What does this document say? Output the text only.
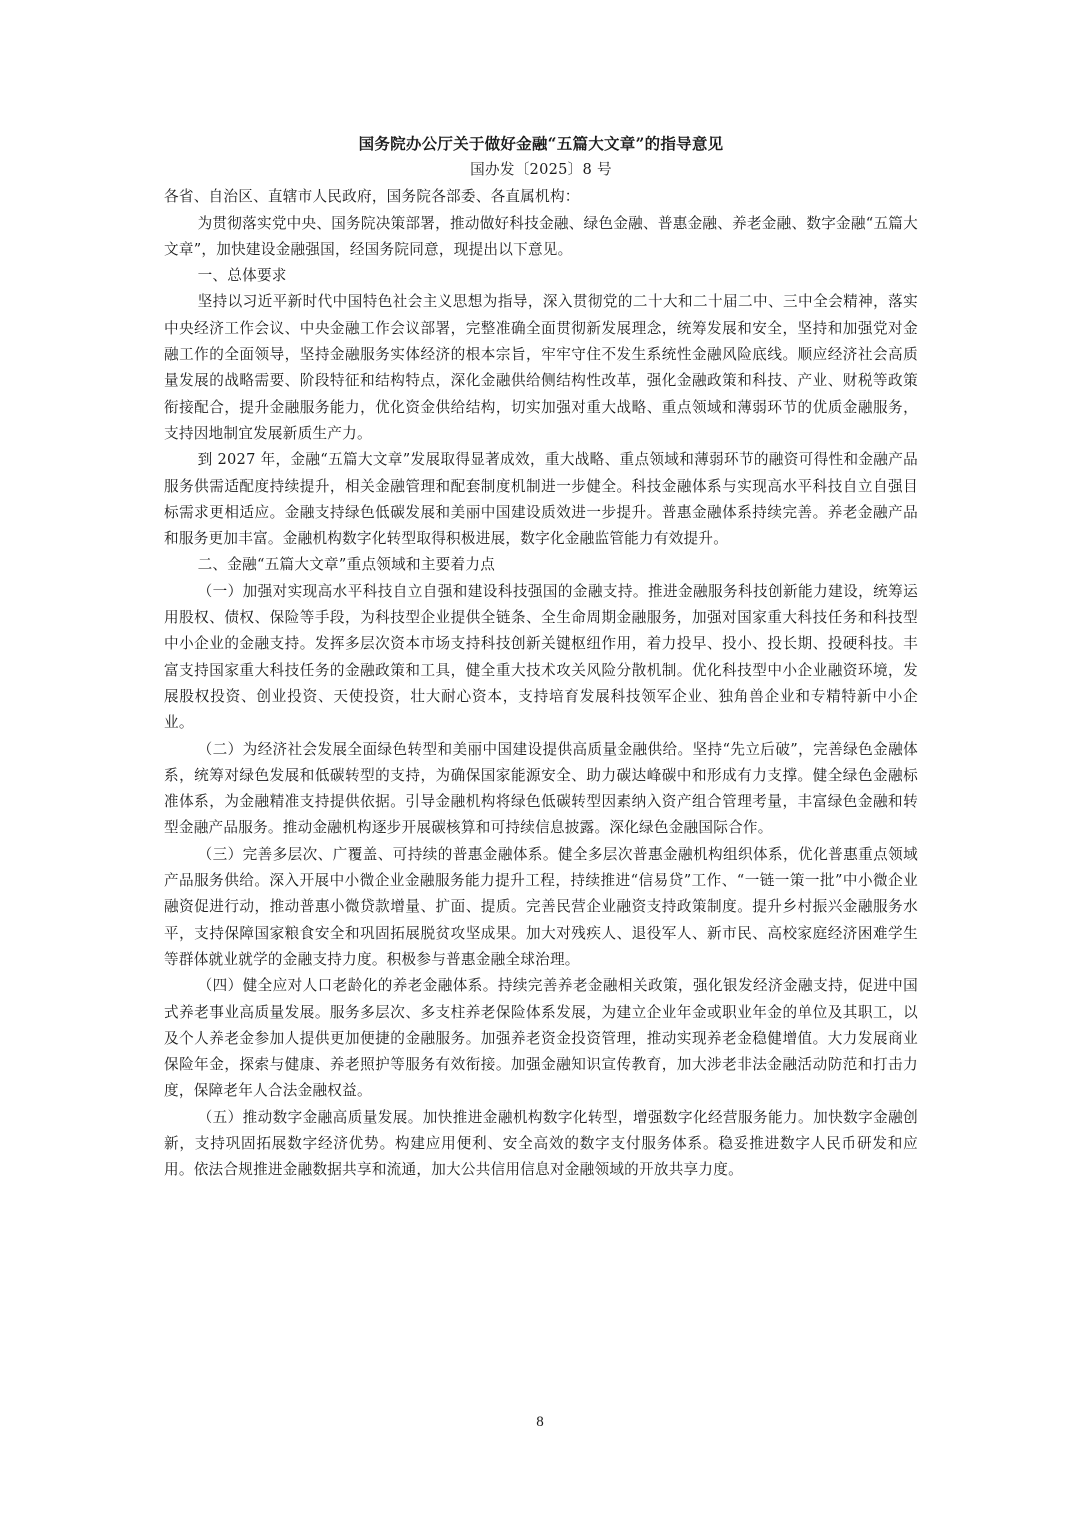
国务院办公厅关于做好金融“五篇大文章”的指导意见

国办发〔2025〕8 号

各省、自治区、直辖市人民政府，国务院各部委、各直属机构：

为贯彻落实党中央、国务院决策部署，推动做好科技金融、绿色金融、普惠金融、养老金融、数字金融“五篇大文章”，加快建设金融强国，经国务院同意，现提出以下意见。

一、总体要求

坚持以习近平新时代中国特色社会主义思想为指导，深入贯彻党的二十大和二十届二中、三中全会精神，落实中央经济工作会议、中央金融工作会议部署，完整准确全面贯彻新发展理念，统筹发展和安全，坚持和加强党对金融工作的全面领导，坚持金融服务实体经济的根本宗旨，牢牢守住不发生系统性金融风险底线。顺应经济社会高质量发展的战略需要、阶段特征和结构特点，深化金融供给侧结构性改革，强化金融政策和科技、产业、财税等政策衔接配合，提升金融服务能力，优化资金供给结构，切实加强对重大战略、重点领域和薄弱环节的优质金融服务，支持因地制宜发展新质生产力。

到 2027 年，金融“五篇大文章”发展取得显著成效，重大战略、重点领域和薄弱环节的融资可得性和金融产品服务供需适配度持续提升，相关金融管理和配套制度机制进一步健全。科技金融体系与实现高水平科技自立自强目标需求更相适应。金融支持绿色低碳发展和美丽中国建设质效进一步提升。普惠金融体系持续完善。养老金融产品和服务更加丰富。金融机构数字化转型取得积极进展，数字化金融监管能力有效提升。

二、金融“五篇大文章”重点领域和主要着力点

（一）加强对实现高水平科技自立自强和建设科技强国的金融支持。推进金融服务科技创新能力建设，统筹运用股权、债权、保险等手段，为科技型企业提供全链条、全生命周期金融服务，加强对国家重大科技任务和科技型中小企业的金融支持。发挥多层次资本市场支持科技创新关键枢纽作用，着力投早、投小、投长期、投硬科技。丰富支持国家重大科技任务的金融政策和工具，健全重大技术攻关风险分散机制。优化科技型中小企业融资环境，发展股权投资、创业投资、天使投资，壮大耐心资本，支持培育发展科技领军企业、独角兽企业和专精特新中小企业。

（二）为经济社会发展全面绿色转型和美丽中国建设提供高质量金融供给。坚持“先立后破”，完善绿色金融体系，统筹对绿色发展和低碳转型的支持，为确保国家能源安全、助力碳达峰碳中和形成有力支撑。健全绿色金融标准体系，为金融精准支持提供依据。引导金融机构将绿色低碳转型因素纳入资产组合管理考量，丰富绿色金融和转型金融产品服务。推动金融机构逐步开展碳核算和可持续信息披露。深化绿色金融国际合作。

（三）完善多层次、广覆盖、可持续的普惠金融体系。健全多层次普惠金融机构组织体系，优化普惠重点领域产品服务供给。深入开展中小微企业金融服务能力提升工程，持续推进“信易贷”工作、“一链一策一批”中小微企业融资促进行动，推动普惠小微贷款增量、扩面、提质。完善民营企业融资支持政策制度。提升乡村振兴金融服务水平，支持保障国家粮食安全和巩固拓展脱贫攻坚成果。加大对残疾人、退役军人、新市民、高校家庭经济困难学生等群体就业就学的金融支持力度。积极参与普惠金融全球治理。

（四）健全应对人口老龄化的养老金融体系。持续完善养老金融相关政策，强化银发经济金融支持，促进中国式养老事业高质量发展。服务多层次、多支柱养老保险体系发展，为建立企业年金或职业年金的单位及其职工，以及个人养老金参加人提供更加便捷的金融服务。加强养老资金投资管理，推动实现养老金稳健增值。大力发展商业保险年金，探索与健康、养老照护等服务有效衔接。加强金融知识宣传教育，加大涉老非法金融活动防范和打击力度，保障老年人合法金融权益。

（五）推动数字金融高质量发展。加快推进金融机构数字化转型，增强数字化经营服务能力。加快数字金融创新，支持巩固拓展数字经济优势。构建应用便利、安全高效的数字支付服务体系。稳妥推进数字人民币研发和应用。依法合规推进金融数据共享和流通，加大公共信用信息对金融领域的开放共享力度。

8
